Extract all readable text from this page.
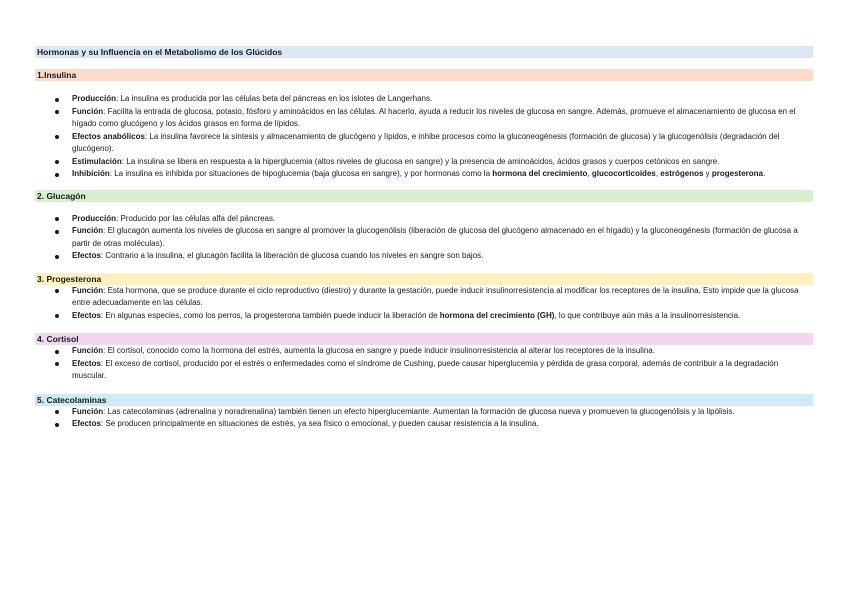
Hormonas y su Influencia en el Metabolismo de los Glúcidos
1.Insulina
Producción: La insulina es producida por las células beta del páncreas en los islotes de Langerhans.
Función: Facilita la entrada de glucosa, potasio, fósforo y aminoácidos en las células. Al hacerlo, ayuda a reducir los niveles de glucosa en sangre. Además, promueve el almacenamiento de glucosa en el hígado como glucógeno y los ácidos grasos en forma de lípidos.
Efectos anabólicos: La insulina favorece la síntesis y almacenamiento de glucógeno y lípidos, e inhibe procesos como la gluconeogénesis (formación de glucosa) y la glucogenólisis (degradación del glucógeno).
Estimulación: La insulina se libera en respuesta a la hiperglucemia (altos niveles de glucosa en sangre) y la presencia de aminoácidos, ácidos grasos y cuerpos cetónicos en sangre.
Inhibición: La insulina es inhibida por situaciones de hipoglucemia (baja glucosa en sangre), y por hormonas como la hormona del crecimiento, glucocorticoides, estrógenos y progesterona.
2. Glucagón
Producción: Producido por las células alfa del páncreas.
Función: El glucagón aumenta los niveles de glucosa en sangre al promover la glucogenólisis (liberación de glucosa del glucógeno almacenado en el hígado) y la gluconeogénesis (formación de glucosa a partir de otras moléculas).
Efectos: Contrario a la insulina, el glucagón facilita la liberación de glucosa cuando los niveles en sangre son bajos.
3. Progesterona
Función: Esta hormona, que se produce durante el ciclo reproductivo (diestro) y durante la gestación, puede inducir insulinorresistencia al modificar los receptores de la insulina. Esto impide que la glucosa entre adecuadamente en las células.
Efectos: En algunas especies, como los perros, la progesterona también puede inducir la liberación de hormona del crecimiento (GH), lo que contribuye aún más a la insulinorresistencia.
4. Cortisol
Función: El cortisol, conocido como la hormona del estrés, aumenta la glucosa en sangre y puede inducir insulinorresistencia al alterar los receptores de la insulina.
Efectos: El exceso de cortisol, producido por el estrés o enfermedades como el síndrome de Cushing, puede causar hiperglucemia y pérdida de grasa corporal, además de contribuir a la degradación muscular.
5. Catecolaminas
Función: Las catecolaminas (adrenalina y noradrenalina) también tienen un efecto hiperglucemiante. Aumentan la formación de glucosa nueva y promueven la glucogenólisis y la lipólisis.
Efectos: Se producen principalmente en situaciones de estrés, ya sea físico o emocional, y pueden causar resistencia a la insulina.
